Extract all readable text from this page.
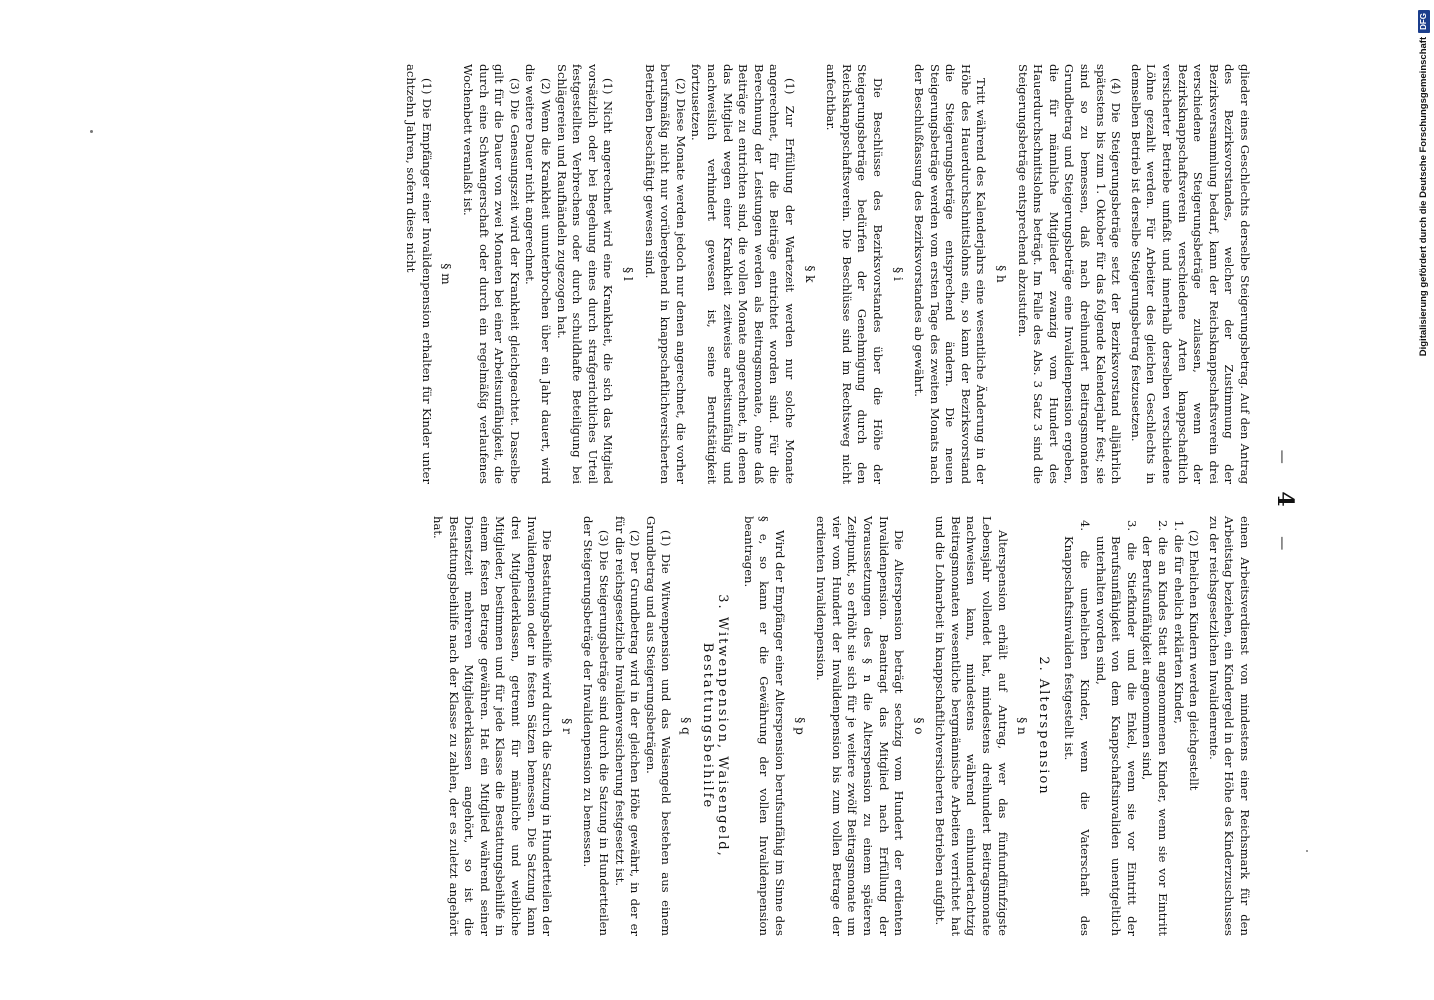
— 4 —

glieder eines Geschlechts derselbe Steigerungsbetrag. Auf den Antrag des Bezirksvorstandes, welcher der Zustimmung der Bezirksversammlung bedarf, kann der Reichsknappschaftsverein drei verschiedene Steigerungsbeträge zulassen, wenn der Bezirksknappschaftsverein verschiedene Arten knappschaftlich versicherter Betriebe umfaßt und innerhalb derselben verschiedene Löhne gezahlt werden. Für Arbeiter des gleichen Geschlechts in demselben Betrieb ist derselbe Steigerungsbetrag festzusetzen.

(4) Die Steigerungsbeträge setzt der Bezirksvorstand alljährlich spätestens bis zum 1. Oktober für das folgende Kalenderjahr fest; sie sind so zu bemessen, daß nach dreihundert Beitragsmonaten Grundbetrag und Steigerungsbeträge eine Invalidenpension ergeben, die für männliche Mitglieder zwanzig vom Hundert des Hauerdurchschnittslohns beträgt. Im Falle des Abs. 3 Satz 3 sind die Steigerungsbeträge entsprechend abzustufen.

§ h

Tritt während des Kalenderjahrs eine wesentliche Änderung in der Höhe des Hauerdurchschnittslohns ein, so kann der Bezirksvorstand die Steigerungsbeträge entsprechend ändern. Die neuen Steigerungsbeträge werden vom ersten Tage des zweiten Monats nach der Beschlußfassung des Bezirksvorstandes ab gewährt.

§ i

Die Beschlüsse des Bezirksvorstandes über die Höhe der Steigerungsbeträge bedürfen der Genehmigung durch den Reichsknappschaftsverein. Die Beschlüsse sind im Rechtsweg nicht anfechtbar.

§ k

(1) Zur Erfüllung der Wartezeit werden nur solche Monate angerechnet, für die Beiträge entrichtet worden sind. Für die Berechnung der Leistungen werden als Beitragsmonate, ohne daß Beiträge zu entrichten sind, die vollen Monate angerechnet, in denen das Mitglied wegen einer Krankheit zeitweise arbeitsunfähig und nachweislich verhindert gewesen ist, seine Berufstätigkeit fortzusetzen.

(2) Diese Monate werden jedoch nur denen angerechnet, die vorher berufsmäßig nicht nur vorübergehend in knappschaftlichversicherten Betrieben beschäftigt gewesen sind.

§ l

(1) Nicht angerechnet wird eine Krankheit, die sich das Mitglied vorsätzlich oder bei Begehung eines durch strafgerichtliches Urteil festgestellten Verbrechens oder durch schuldhafte Beteiligung bei Schlägereien und Raufhändeln zugezogen hat.

(2) Wenn die Krankheit ununterbrochen über ein Jahr dauert, wird die weitere Dauer nicht angerechnet.

(3) Die Genesungszeit wird der Krankheit gleichgeachtet. Dasselbe gilt für die Dauer von zwei Monaten bei einer Arbeitsunfähigkeit, die durch eine Schwangerschaft oder durch ein regelmäßig verlaufenes Wochenbett veranlaßt ist.

§ m

(1) Die Empfänger einer Invalidenpension erhalten für Kinder unter achtzehn Jahren, sofern diese nicht

einen Arbeitsverdienst von mindestens einer Reichsmark für den Arbeitstag beziehen, ein Kindergeld in der Höhe des Kinderzuschusses zu der reichsgesetzlichen Invalidenrente.

(2) Ehelichen Kindern werden gleichgestellt

1. die für ehelich erklärten Kinder,

2. die an Kindes Statt angenommenen Kinder, wenn sie vor Eintritt der Berufsunfähigkeit angenommen sind,

3. die Stiefkinder und die Enkel, wenn sie vor Eintritt der Berufsunfähigkeit von dem Knappschaftsinvaliden unentgeltlich unterhalten worden sind,

4. die unehelichen Kinder, wenn die Vaterschaft des Knappschaftsinvaliden festgestellt ist.

2. Alterspension
§ n

Alterspension erhält auf Antrag, wer das fünfundfünfzigste Lebensjahr vollendet hat, mindestens dreihundert Beitragsmonate nachweisen kann, mindestens während einhundertachtzig Beitragsmonaten wesentliche bergmännische Arbeiten verrichtet hat und die Lohnarbeit in knappschaftlichversicherten Betrieben aufgibt.

§ o

Die Alterspension beträgt sechzig vom Hundert der erdienten Invalidenpension. Beantragt das Mitglied nach Erfüllung der Voraussetzungen des § n die Alterspension zu einem späteren Zeitpunkt, so erhöht sie sich für je weitere zwölf Beitragsmonate um vier vom Hundert der Invalidenpension bis zum vollen Betrage der erdienten Invalidenpension.

§ p

Wird der Empfänger einer Alterspension berufsunfähig im Sinne des § e, so kann er die Gewährung der vollen Invalidenpension beantragen.

3. Witwenpension, Waisengeld, Bestattungsbeihilfe
§ q

(1) Die Witwenpension und das Waisengeld bestehen aus einem Grundbetrag und aus Steigerungsbeträgen.

(2) Der Grundbetrag wird in der gleichen Höhe gewährt, in der er für die reichsgesetzliche Invalidenversicherung festgesetzt ist.

(3) Die Steigerungsbeträge sind durch die Satzung in Hundertteilen der Steigerungsbeträge der Invalidenpension zu bemessen.

§ r

Die Bestattungsbeihilfe wird durch die Satzung in Hundertteilen der Invalidenpension oder in festen Sätzen bemessen. Die Satzung kann drei Mitgliederklassen, getrennt für männliche und weibliche Mitglieder, bestimmen und für jede Klasse die Bestattungsbeihilfe in einem festen Betrage gewähren. Hat ein Mitglied während seiner Dienstzeit mehreren Mitgliederklassen angehört, so ist die Bestattungsbeihilfe nach der Klasse zu zahlen, der es zuletzt angehört hat.

Digitalisierung gefördert durch die Deutsche ForschungsgemeinschaftDFG
